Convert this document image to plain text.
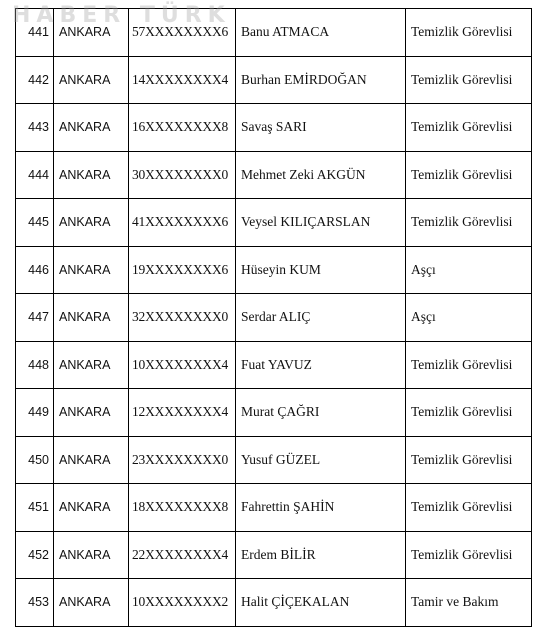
HABER TÜRK
441	ANKARA	57XXXXXXXX6	Banu ATMACA	Temizlik Görevlisi
442	ANKARA	14XXXXXXXX4	Burhan EMİRDOĞAN	Temizlik Görevlisi
443	ANKARA	16XXXXXXXX8	Savaş SARI	Temizlik Görevlisi
444	ANKARA	30XXXXXXXX0	Mehmet Zeki AKGÜN	Temizlik Görevlisi
445	ANKARA	41XXXXXXXX6	Veysel KILIÇARSLAN	Temizlik Görevlisi
446	ANKARA	19XXXXXXXX6	Hüseyin KUM	Aşçı
447	ANKARA	32XXXXXXXX0	Serdar ALIÇ	Aşçı
448	ANKARA	10XXXXXXXX4	Fuat YAVUZ	Temizlik Görevlisi
449	ANKARA	12XXXXXXXX4	Murat ÇAĞRI	Temizlik Görevlisi
450	ANKARA	23XXXXXXXX0	Yusuf GÜZEL	Temizlik Görevlisi
451	ANKARA	18XXXXXXXX8	Fahrettin ŞAHİN	Temizlik Görevlisi
452	ANKARA	22XXXXXXXX4	Erdem BİLİR	Temizlik Görevlisi
453	ANKARA	10XXXXXXXX2	Halit ÇİÇEKALAN	Tamir ve Bakım
